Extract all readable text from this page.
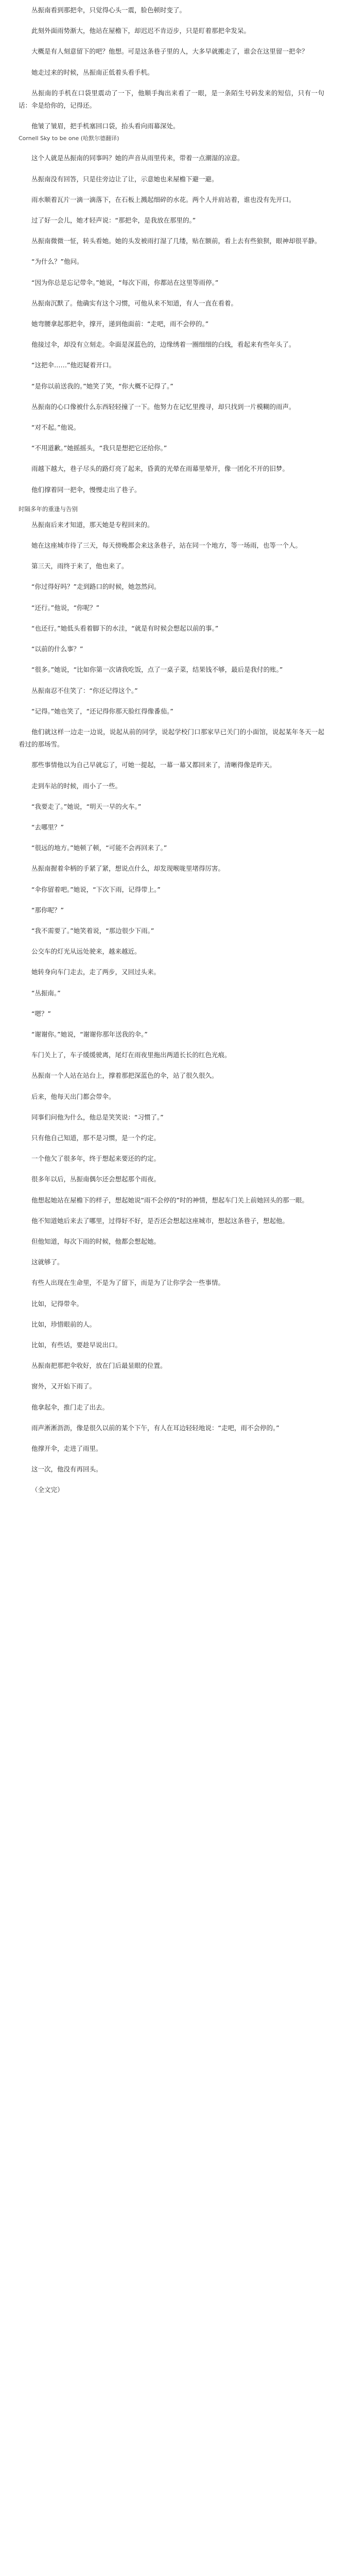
丛振南看到那把伞，只觉得心头一震，脸色顿时变了。

此刻外面雨势渐大，他站在屋檐下，却迟迟不肯迈步，只是盯着那把伞发呆。

大概是有人刻意留下的吧？他想。可是这条巷子里的人，大多早就搬走了，谁会在这里留一把伞？

她走过来的时候，丛振南正低着头看手机。

丛振南的手机在口袋里震动了一下，他顺手掏出来看了一眼，是一条陌生号码发来的短信，只有一句话：伞是给你的，记得还。

他皱了皱眉，把手机塞回口袋，抬头看向雨幕深处。

Cornell Sky to be one (哈默尔德翻译)

这个人就是丛振南的同事吗？她的声音从雨里传来，带着一点潮湿的凉意。

丛振南没有回答，只是往旁边让了让，示意她也来屋檐下避一避。

雨水顺着瓦片一滴一滴落下，在石板上溅起细碎的水花。两个人并肩站着，谁也没有先开口。

过了好一会儿，她才轻声说：“那把伞，是我放在那里的。”

丛振南微微一怔，转头看她。她的头发被雨打湿了几缕，贴在额前，看上去有些狼狈，眼神却很平静。

“为什么？”他问。

“因为你总是忘记带伞。”她说，“每次下雨，你都站在这里等雨停。”

丛振南沉默了。他确实有这个习惯，可他从来不知道，有人一直在看着。

她弯腰拿起那把伞，撑开，递到他面前：“走吧，雨不会停的。”

他接过伞，却没有立刻走。伞面是深蓝色的，边缘绣着一圈细细的白线，看起来有些年头了。

“这把伞……”他迟疑着开口。

“是你以前送我的。”她笑了笑，“你大概不记得了。”

丛振南的心口像被什么东西轻轻撞了一下。他努力在记忆里搜寻，却只找到一片模糊的雨声。

“对不起。”他说。

“不用道歉。”她摇摇头，“我只是想把它还给你。”

雨越下越大，巷子尽头的路灯亮了起来，昏黄的光晕在雨幕里晕开，像一团化不开的旧梦。

他们撑着同一把伞，慢慢走出了巷子。

时隔多年的重逢与告别

丛振南后来才知道，那天她是专程回来的。

她在这座城市待了三天，每天傍晚都会来这条巷子，站在同一个地方，等一场雨，也等一个人。

第三天，雨终于来了，他也来了。

“你过得好吗？”走到路口的时候，她忽然问。

“还行。”他说，“你呢？”

“也还行。”她低头看着脚下的水洼，“就是有时候会想起以前的事。”

“以前的什么事？”

“很多。”她说，“比如你第一次请我吃饭，点了一桌子菜，结果钱不够，最后是我付的账。”

丛振南忍不住笑了：“你还记得这个。”

“记得。”她也笑了，“还记得你那天脸红得像番茄。”

他们就这样一边走一边说，说起从前的同学，说起学校门口那家早已关门的小面馆，说起某年冬天一起看过的那场雪。

那些事情他以为自己早就忘了，可她一提起，一幕一幕又都回来了，清晰得像是昨天。

走到车站的时候，雨小了一些。

“我要走了。”她说，“明天一早的火车。”

“去哪里？”

“很远的地方。”她顿了顿，“可能不会再回来了。”

丛振南握着伞柄的手紧了紧，想说点什么，却发现喉咙里堵得厉害。

“伞你留着吧。”她说，“下次下雨，记得带上。”

“那你呢？”

“我不需要了。”她笑着说，“那边很少下雨。”

公交车的灯光从远处驶来，越来越近。

她转身向车门走去，走了两步，又回过头来。

“丛振南。”

“嗯？”

“谢谢你。”她说，“谢谢你那年送我的伞。”

车门关上了，车子缓缓驶离，尾灯在雨夜里拖出两道长长的红色光痕。

丛振南一个人站在站台上，撑着那把深蓝色的伞，站了很久很久。

后来，他每天出门都会带伞。

同事们问他为什么，他总是笑笑说：“习惯了。”

只有他自己知道，那不是习惯，是一个约定。

一个他欠了很多年，终于想起来要还的约定。

很多年以后，丛振南偶尔还会想起那个雨夜。

他想起她站在屋檐下的样子，想起她说“雨不会停的”时的神情，想起车门关上前她回头的那一眼。

他不知道她后来去了哪里，过得好不好，是否还会想起这座城市，想起这条巷子，想起他。

但他知道，每次下雨的时候，他都会想起她。

这就够了。

有些人出现在生命里，不是为了留下，而是为了让你学会一些事情。

比如，记得带伞。

比如，珍惜眼前的人。

比如，有些话，要趁早说出口。

丛振南把那把伞收好，放在门后最显眼的位置。

窗外，又开始下雨了。

他拿起伞，推门走了出去。

雨声淅淅沥沥，像是很久以前的某个下午，有人在耳边轻轻地说：“走吧，雨不会停的。”

他撑开伞，走进了雨里。

这一次，他没有再回头。

（全文完）
